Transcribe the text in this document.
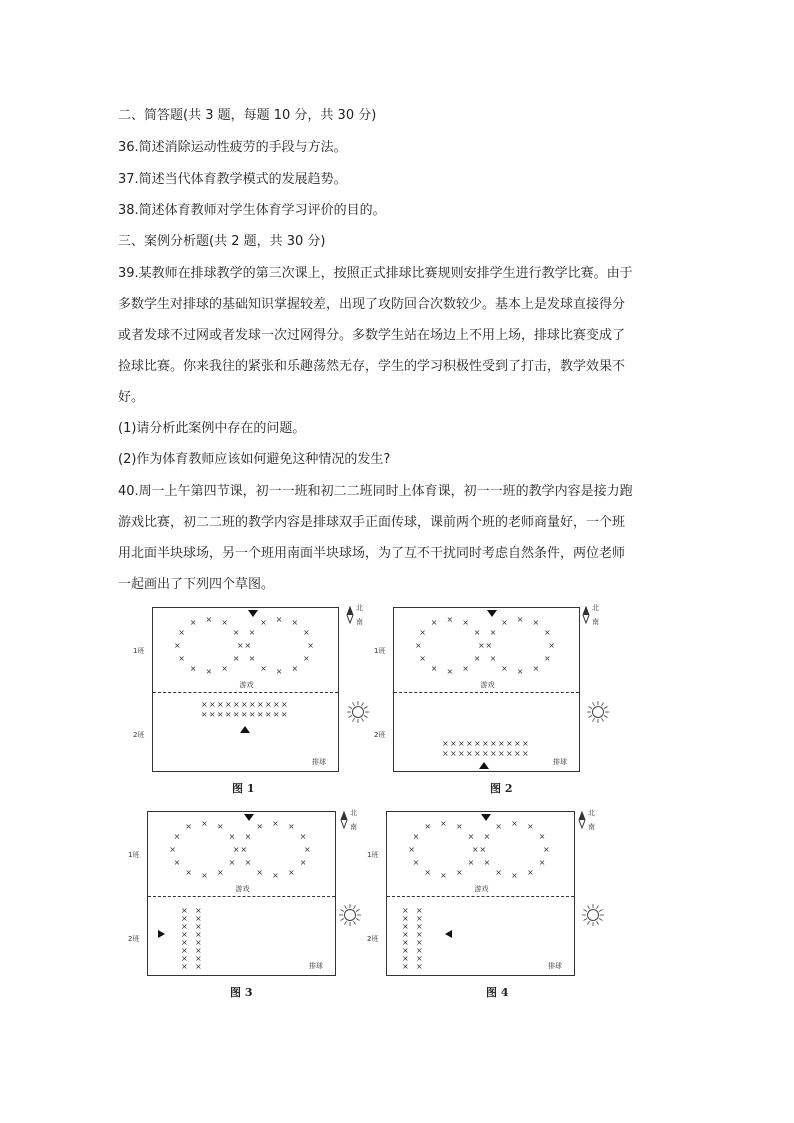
二、简答题(共 3 题，每题 10 分，共 30 分)
36.简述消除运动性疲劳的手段与方法。
37.简述当代体育教学模式的发展趋势。
38.简述体育教师对学生体育学习评价的目的。
三、案例分析题(共 2 题，共 30 分)
39.某教师在排球教学的第三次课上，按照正式排球比赛规则安排学生进行教学比赛。由于
多数学生对排球的基础知识掌握较差，出现了攻防回合次数较少。基本上是发球直接得分
或者发球不过网或者发球一次过网得分。多数学生站在场边上不用上场，排球比赛变成了
捡球比赛。你来我往的紧张和乐趣荡然无存，学生的学习积极性受到了打击，教学效果不
好。
(1)请分析此案例中存在的问题。
(2)作为体育教师应该如何避免这种情况的发生?
40.周一上午第四节课，初一一班和初二二班同时上体育课，初一一班的教学内容是接力跑
游戏比赛，初二二班的教学内容是排球双手正面传球，课前两个班的老师商量好，一个班
用北面半块球场，另一个班用南面半块球场，为了互不干扰同时考虑自然条件，两位老师
一起画出了下列四个草图。
1班
2班
游戏
排球
×
×
×
×
×
×
×
×
× × ×
×
×
×
×
×
×
×
×
×
× × ×
×
× × × × × × × × × × ×
× × × × × × × × × × ×
北
南
图 1
1班
2班
游戏
排球
×
×
×
×
×
×
×
×
× × ×
×
×
×
×
×
×
×
×
×
× × ×
×
× × × × × × × × × × ×
× × × × × × × × × × ×
北
南
图 2
1班
2班
游戏
排球
×
×
×
×
×
×
×
×
× × ×
×
×
×
×
×
×
×
×
×
× × ×
×
×
×
×
×
×
×
×
×
×
×
×
×
×
×
×
×
北
南
图 3
1班
2班
游戏
排球
×
×
×
×
×
×
×
×
× × ×
×
×
×
×
×
×
×
×
×
× × ×
×
×
×
×
×
×
×
×
×
×
×
×
×
×
×
×
×
北
南
图 4
